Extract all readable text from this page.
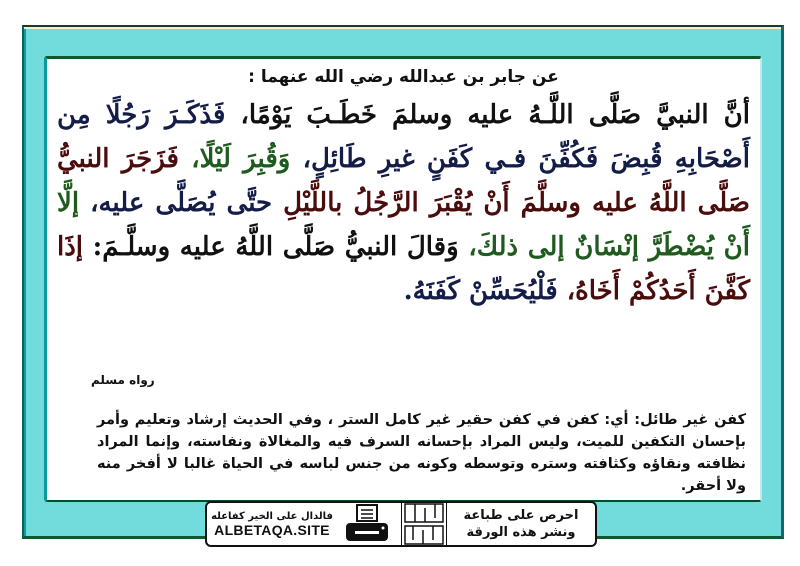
عن جابر بن عبدالله رضي الله عنهما :
أنَّ النبيَّ صَلَّى اللَّـهُ عليه وسلمَ خَطَـبَ يَوْمًا، فَذَكَـرَ رَجُلًا مِن أَصْحَابِهِ قُبِضَ فَكُفِّنَ فـي كَفَنٍ غيرِ طَائِلٍ، وَقُبِرَ لَيْلًا، فَزَجَرَ النبيُّ صَلَّى اللَّهُ عليه وسلَّمَ أَنْ يُقْبَرَ الرَّجُلُ باللَّيْلِ حتَّى يُصَلَّى عليه، إلَّا أَنْ يُضْطَرَّ إنْسَانٌ إلى ذلكَ، وَقالَ النبيُّ صَلَّى اللَّهُ عليه وسلَّـمَ: إذَا كَفَّنَ أَحَدُكُمْ أَخَاهُ، فَلْيُحَسِّنْ كَفَنَهُ.
رواه مسلم
كفن غير طائل: أي: كفن في كفن حقير غير كامل الستر ، وفي الحديث إرشاد وتعليم وأمر بإحسان التكفين للميت، وليس المراد بإحسانه السرف فيه والمغالاة ونفاسته، وإنما المراد نظافته ونقاؤه وكثافته وستره وتوسطه وكونه من جنس لباسه في الحياة غالبا لا أفخر منه ولا أحقر.
فالدال على الخير كفاعله
ALBETAQA.SITE
احرص على طباعة
ونشر هذه الورقة
